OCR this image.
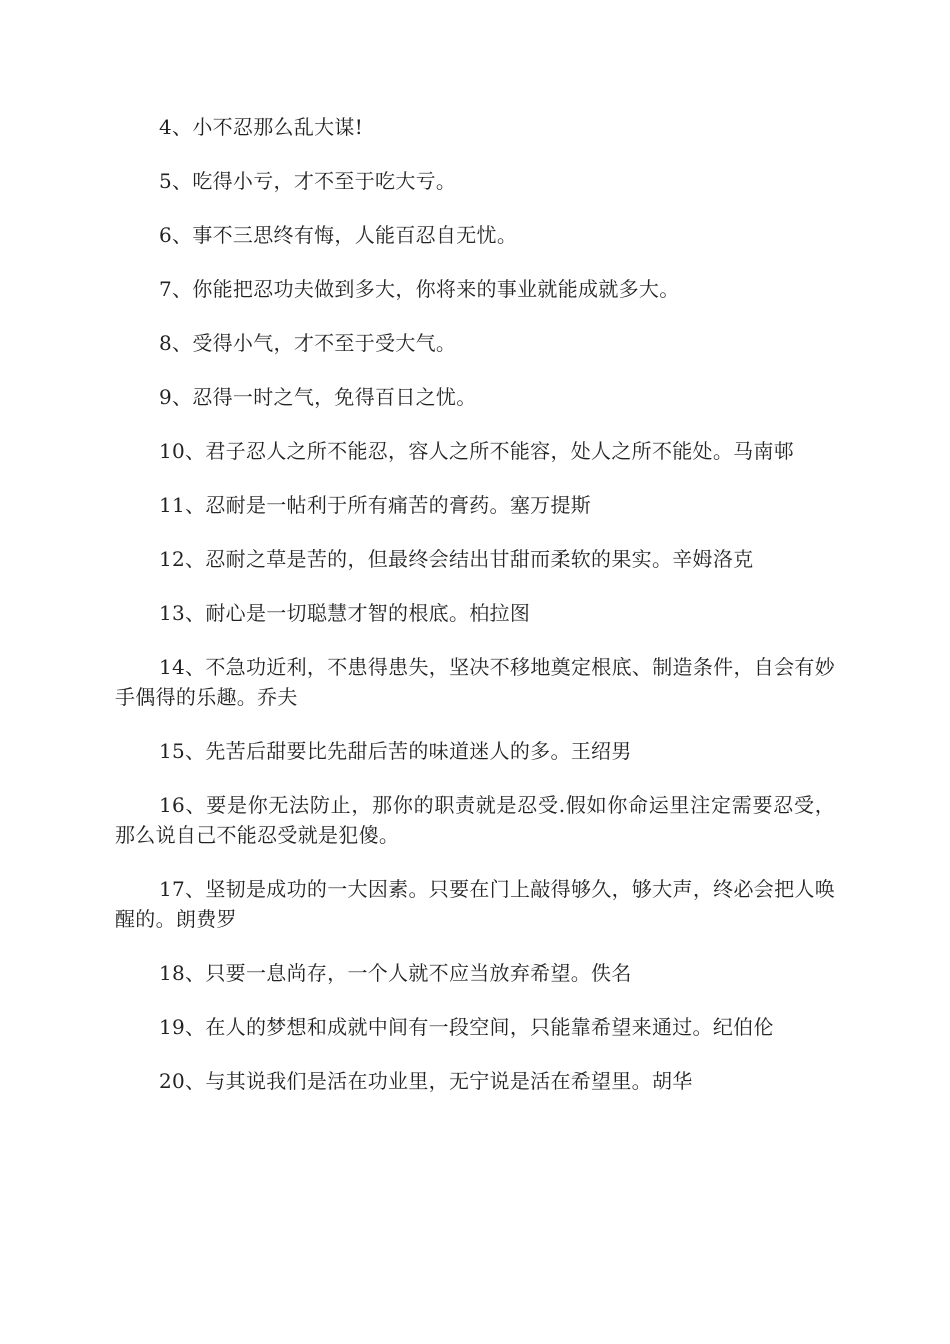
4、小不忍那么乱大谋!

5、吃得小亏，才不至于吃大亏。

6、事不三思终有悔，人能百忍自无忧。

7、你能把忍功夫做到多大，你将来的事业就能成就多大。

8、受得小气，才不至于受大气。

9、忍得一时之气，免得百日之忧。

10、君子忍人之所不能忍，容人之所不能容，处人之所不能处。马南邨

11、忍耐是一帖利于所有痛苦的膏药。塞万提斯

12、忍耐之草是苦的，但最终会结出甘甜而柔软的果实。辛姆洛克

13、耐心是一切聪慧才智的根底。柏拉图

14、不急功近利，不患得患失，坚决不移地奠定根底、制造条件，自会有妙手偶得的乐趣。乔夫

15、先苦后甜要比先甜后苦的味道迷人的多。王绍男

16、要是你无法防止，那你的职责就是忍受.假如你命运里注定需要忍受，那么说自己不能忍受就是犯傻。

17、坚韧是成功的一大因素。只要在门上敲得够久，够大声，终必会把人唤醒的。朗费罗

18、只要一息尚存，一个人就不应当放弃希望。佚名

19、在人的梦想和成就中间有一段空间，只能靠希望来通过。纪伯伦

20、与其说我们是活在功业里，无宁说是活在希望里。胡华
